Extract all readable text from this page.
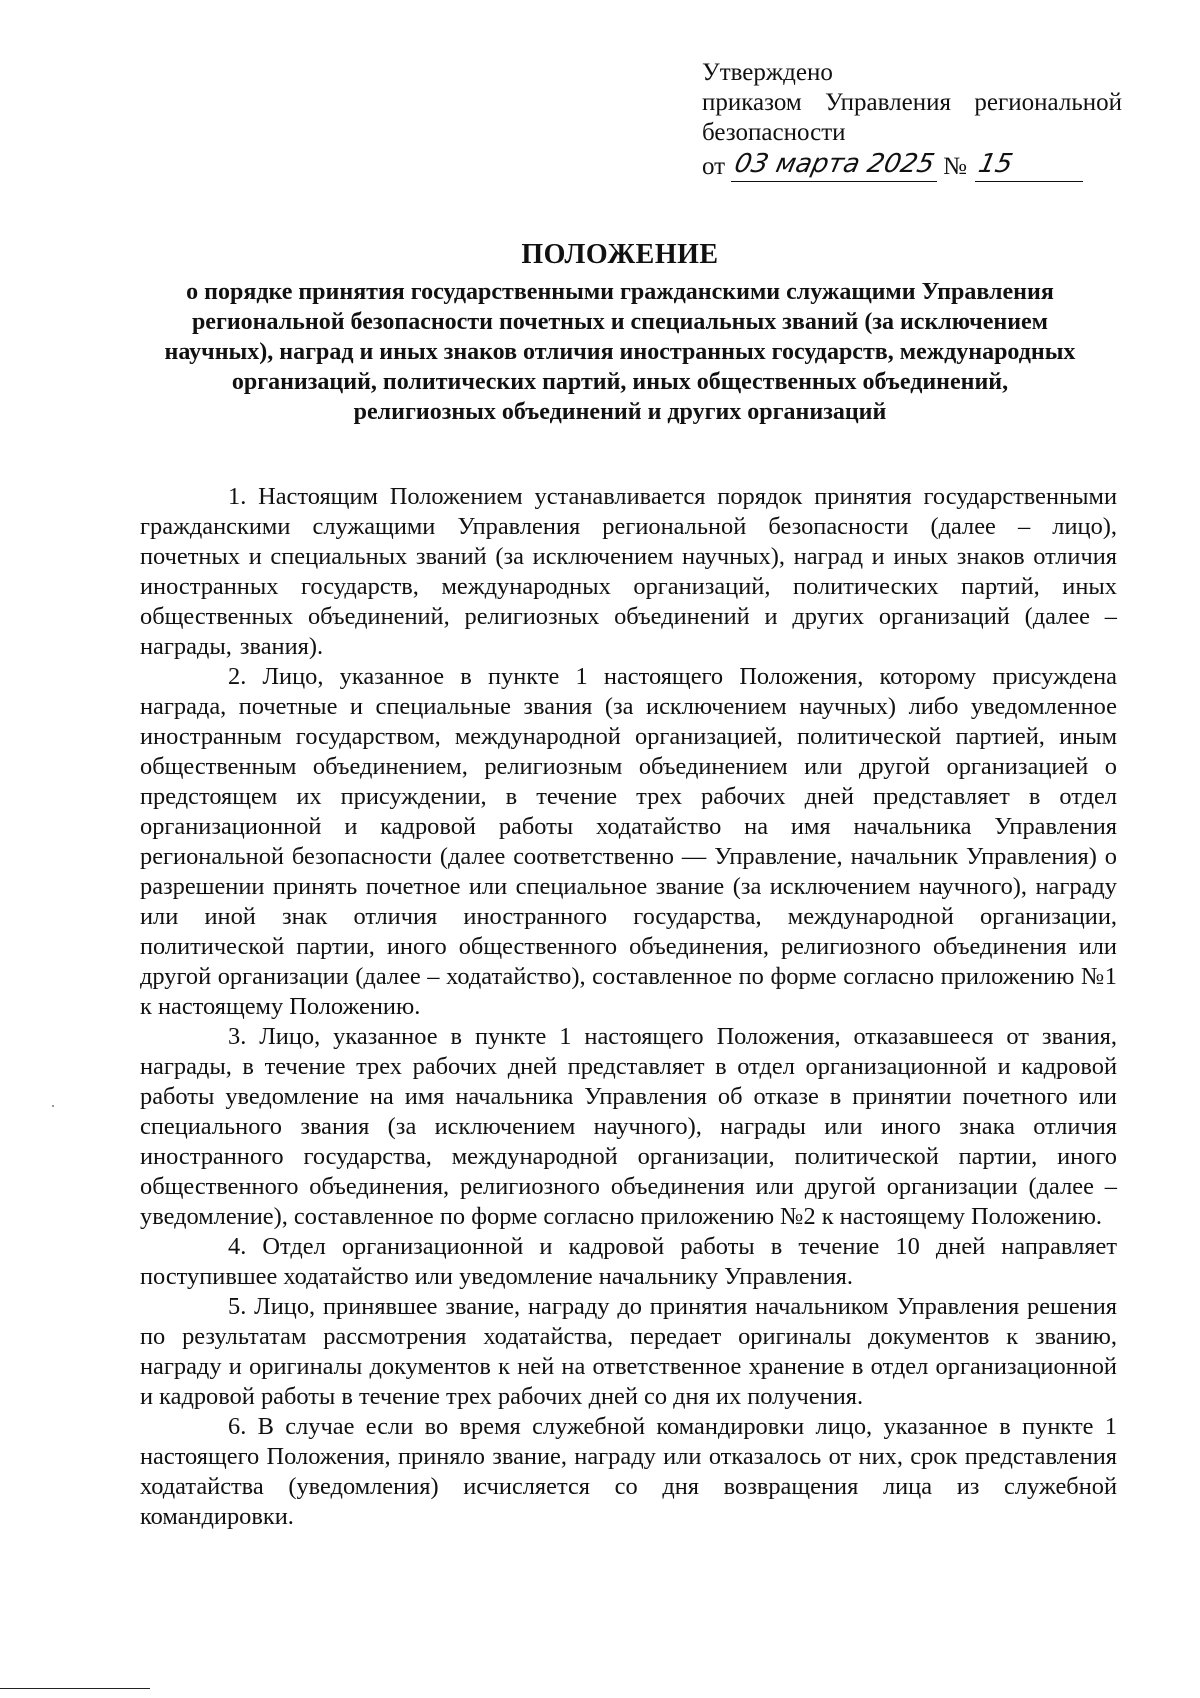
Утверждено
приказом Управления региональной
безопасности
от 03 марта 2025 № 15
ПОЛОЖЕНИЕ
о порядке принятия государственными гражданскими служащими Управления региональной безопасности почетных и специальных званий (за исключением научных), наград и иных знаков отличия иностранных государств, международных организаций, политических партий, иных общественных объединений, религиозных объединений и других организаций

1. Настоящим Положением устанавливается порядок принятия государственными гражданскими служащими Управления региональной безопасности (далее – лицо), почетных и специальных званий (за исключением научных), наград и иных знаков отличия иностранных государств, международных организаций, политических партий, иных общественных объединений, религиозных объединений и других организаций (далее – награды, звания).

2. Лицо, указанное в пункте 1 настоящего Положения, которому присуждена награда, почетные и специальные звания (за исключением научных) либо уведомленное иностранным государством, международной организацией, политической партией, иным общественным объединением, религиозным объединением или другой организацией о предстоящем их присуждении, в течение трех рабочих дней представляет в отдел организационной и кадровой работы ходатайство на имя начальника Управления региональной безопасности (далее соответственно — Управление, начальник Управления) о разрешении принять почетное или специальное звание (за исключением научного), награду или иной знак отличия иностранного государства, международной организации, политической партии, иного общественного объединения, религиозного объединения или другой организации (далее – ходатайство), составленное по форме согласно приложению №1 к настоящему Положению.

3. Лицо, указанное в пункте 1 настоящего Положения, отказавшееся от звания, награды, в течение трех рабочих дней представляет в отдел организационной и кадровой работы уведомление на имя начальника Управления об отказе в принятии почетного или специального звания (за исключением научного), награды или иного знака отличия иностранного государства, международной организации, политической партии, иного общественного объединения, религиозного объединения или другой организации (далее – уведомление), составленное по форме согласно приложению №2 к настоящему Положению.

4. Отдел организационной и кадровой работы в течение 10 дней направляет поступившее ходатайство или уведомление начальнику Управления.

5. Лицо, принявшее звание, награду до принятия начальником Управления решения по результатам рассмотрения ходатайства, передает оригиналы документов к званию, награду и оригиналы документов к ней на ответственное хранение в отдел организационной и кадровой работы в течение трех рабочих дней со дня их получения.

6. В случае если во время служебной командировки лицо, указанное в пункте 1 настоящего Положения, приняло звание, награду или отказалось от них, срок представления ходатайства (уведомления) исчисляется со дня возвращения лица из служебной командировки.
